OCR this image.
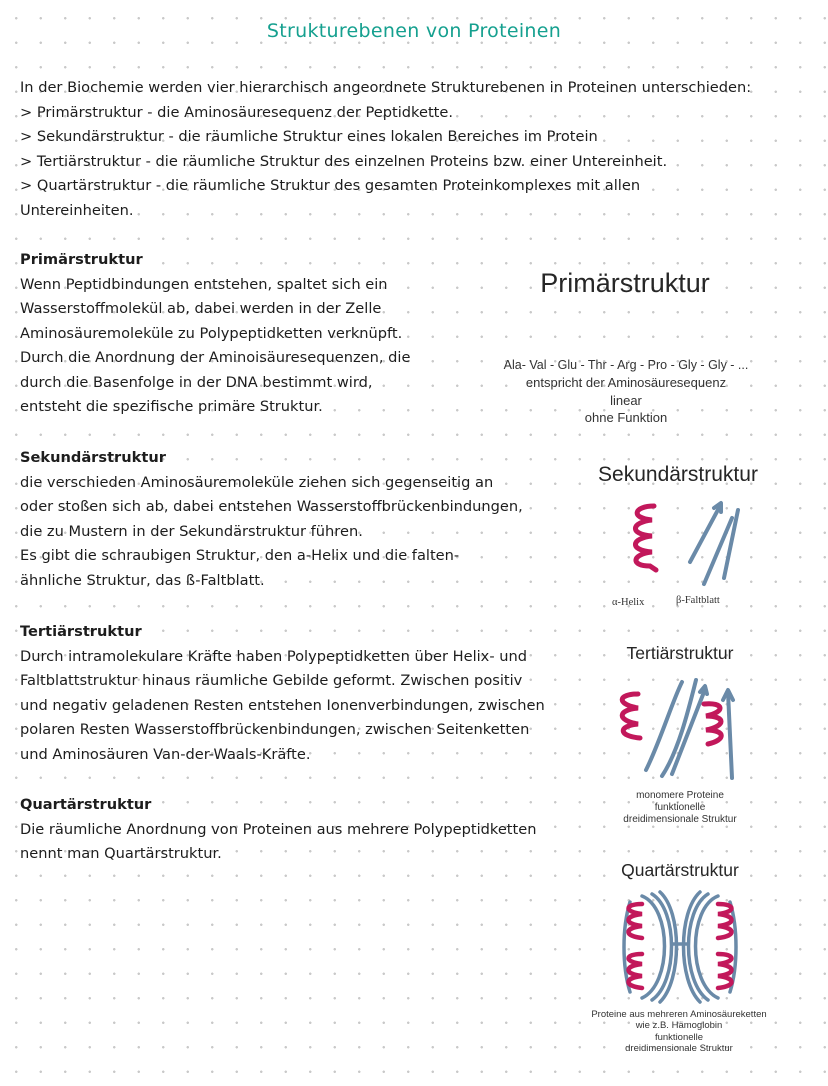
Strukturebenen von Proteinen
In der Biochemie werden vier hierarchisch angeordnete Strukturebenen in Proteinen unterschieden:
> Primärstruktur - die Aminosäuresequenz der Peptidkette.
> Sekundärstruktur - die räumliche Struktur eines lokalen Bereiches im Protein
> Tertiärstruktur - die räumliche Struktur des einzelnen Proteins bzw. einer Untereinheit.
> Quartärstruktur - die räumliche Struktur des gesamten Proteinkomplexes mit allen
Untereinheiten.
Primärstruktur
Wenn Peptidbindungen entstehen, spaltet sich ein
Wasserstoffmolekül ab, dabei werden in der Zelle
Aminosäuremoleküle zu Polypeptidketten verknüpft.
Durch die Anordnung der Aminoisäuresequenzen, die
durch die Basenfolge in der DNA bestimmt wird,
entsteht die spezifische primäre Struktur.
Sekundärstruktur
die verschieden Aminosäuremoleküle ziehen sich gegenseitig an
oder stoßen sich ab, dabei entstehen Wasserstoffbrückenbindungen,
die zu Mustern in der Sekundärstruktur führen.
Es gibt die schraubigen Struktur, den a-Helix und die falten-
ähnliche Struktur, das ß-Faltblatt.
Tertiärstruktur
Durch intramolekulare Kräfte haben Polypeptidketten über Helix- und
Faltblattstruktur hinaus räumliche Gebilde geformt. Zwischen positiv
und negativ geladenen Resten entstehen Ionenverbindungen, zwischen
polaren Resten Wasserstoffbrückenbindungen, zwischen Seitenketten
und Aminosäuren Van-der-Waals-Kräfte.
Quartärstruktur
Die räumliche Anordnung von Proteinen aus mehrere Polypeptidketten
nennt man Quartärstruktur.
Primärstruktur
Ala- Val - Glu - Thr - Arg - Pro - Gly - Gly - ...
entspricht der Aminosäuresequenz
linear
ohne Funktion
Sekundärstruktur
α-Helix	β-Faltblatt
Tertiärstruktur
monomere Proteine
funktionelle
dreidimensionale Struktur
Quartärstruktur
Proteine aus mehreren Aminosäureketten
wie z.B. Hämoglobin
funktionelle
dreidimensionale Struktur
